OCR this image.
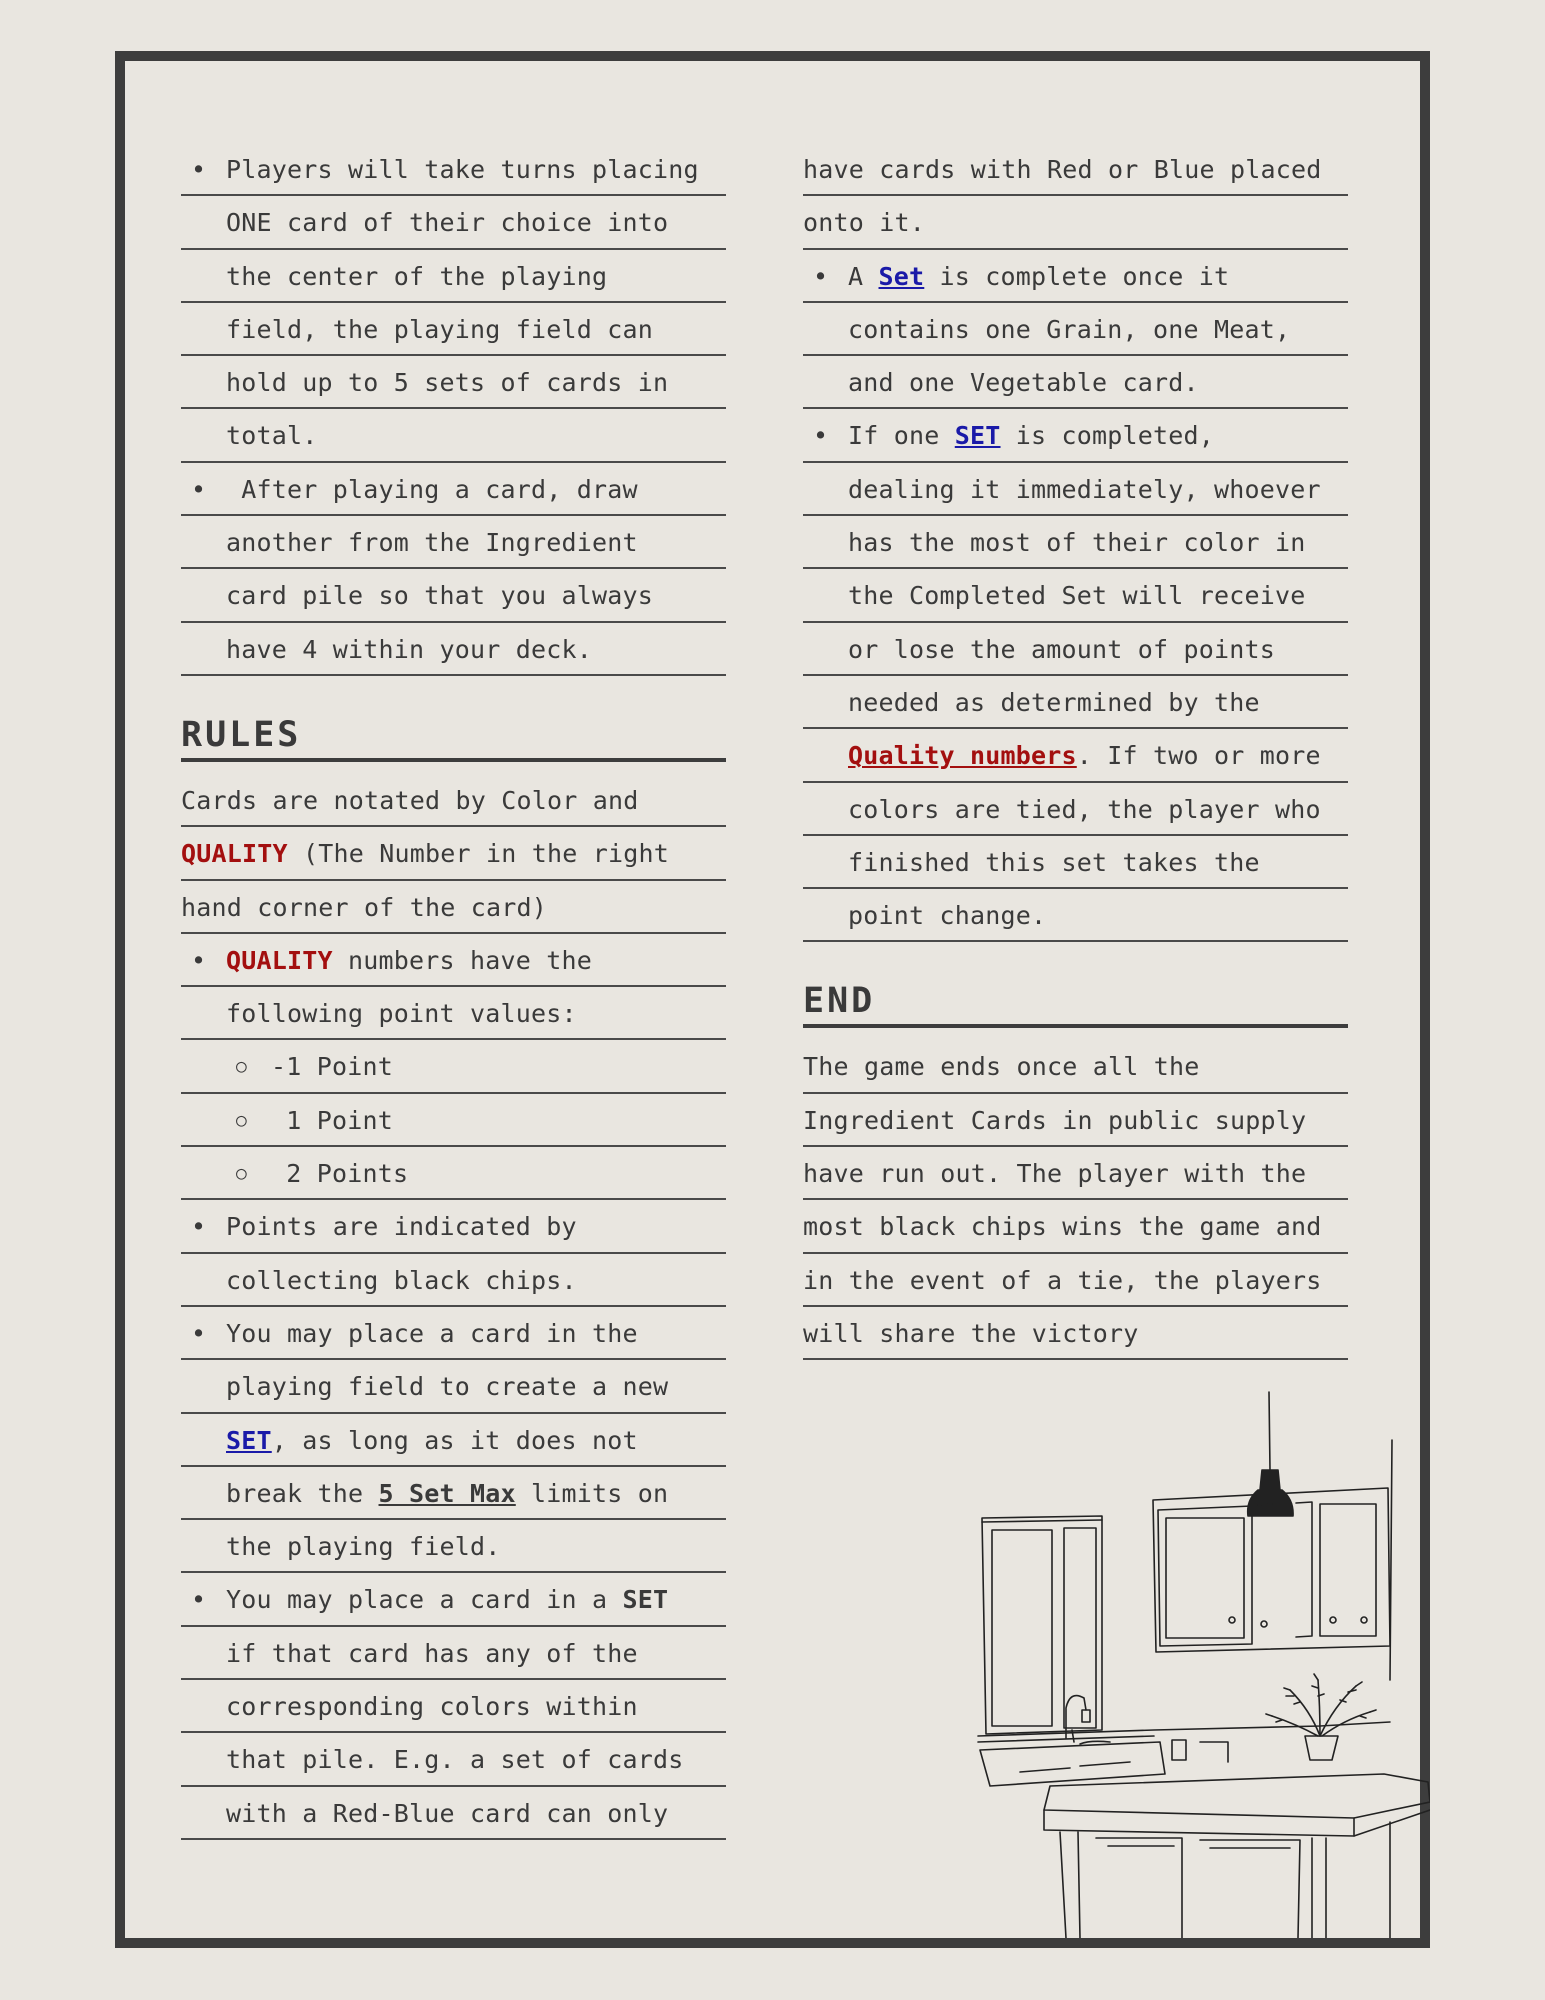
• Players will take turns placing
ONE card of their choice into
the center of the playing
field, the playing field can
hold up to 5 sets of cards in
total.
•  After playing a card, draw
another from the Ingredient
card pile so that you always
have 4 within your deck.
RULES
Cards are notated by Color and
QUALITY (The Number in the right
hand corner of the card)
• QUALITY numbers have the
following point values:
○ -1 Point
○  1 Point
○  2 Points
• Points are indicated by
collecting black chips.
• You may place a card in the
playing field to create a new
SET, as long as it does not
break the 5 Set Max limits on
the playing field.
• You may place a card in a SET
if that card has any of the
corresponding colors within
that pile. E.g. a set of cards
with a Red-Blue card can only
have cards with Red or Blue placed
onto it.
• A Set is complete once it
contains one Grain, one Meat,
and one Vegetable card.
• If one SET is completed,
dealing it immediately, whoever
has the most of their color in
the Completed Set will receive
or lose the amount of points
needed as determined by the
Quality numbers. If two or more
colors are tied, the player who
finished this set takes the
point change.
END
The game ends once all the
Ingredient Cards in public supply
have run out. The player with the
most black chips wins the game and
in the event of a tie, the players
will share the victory
